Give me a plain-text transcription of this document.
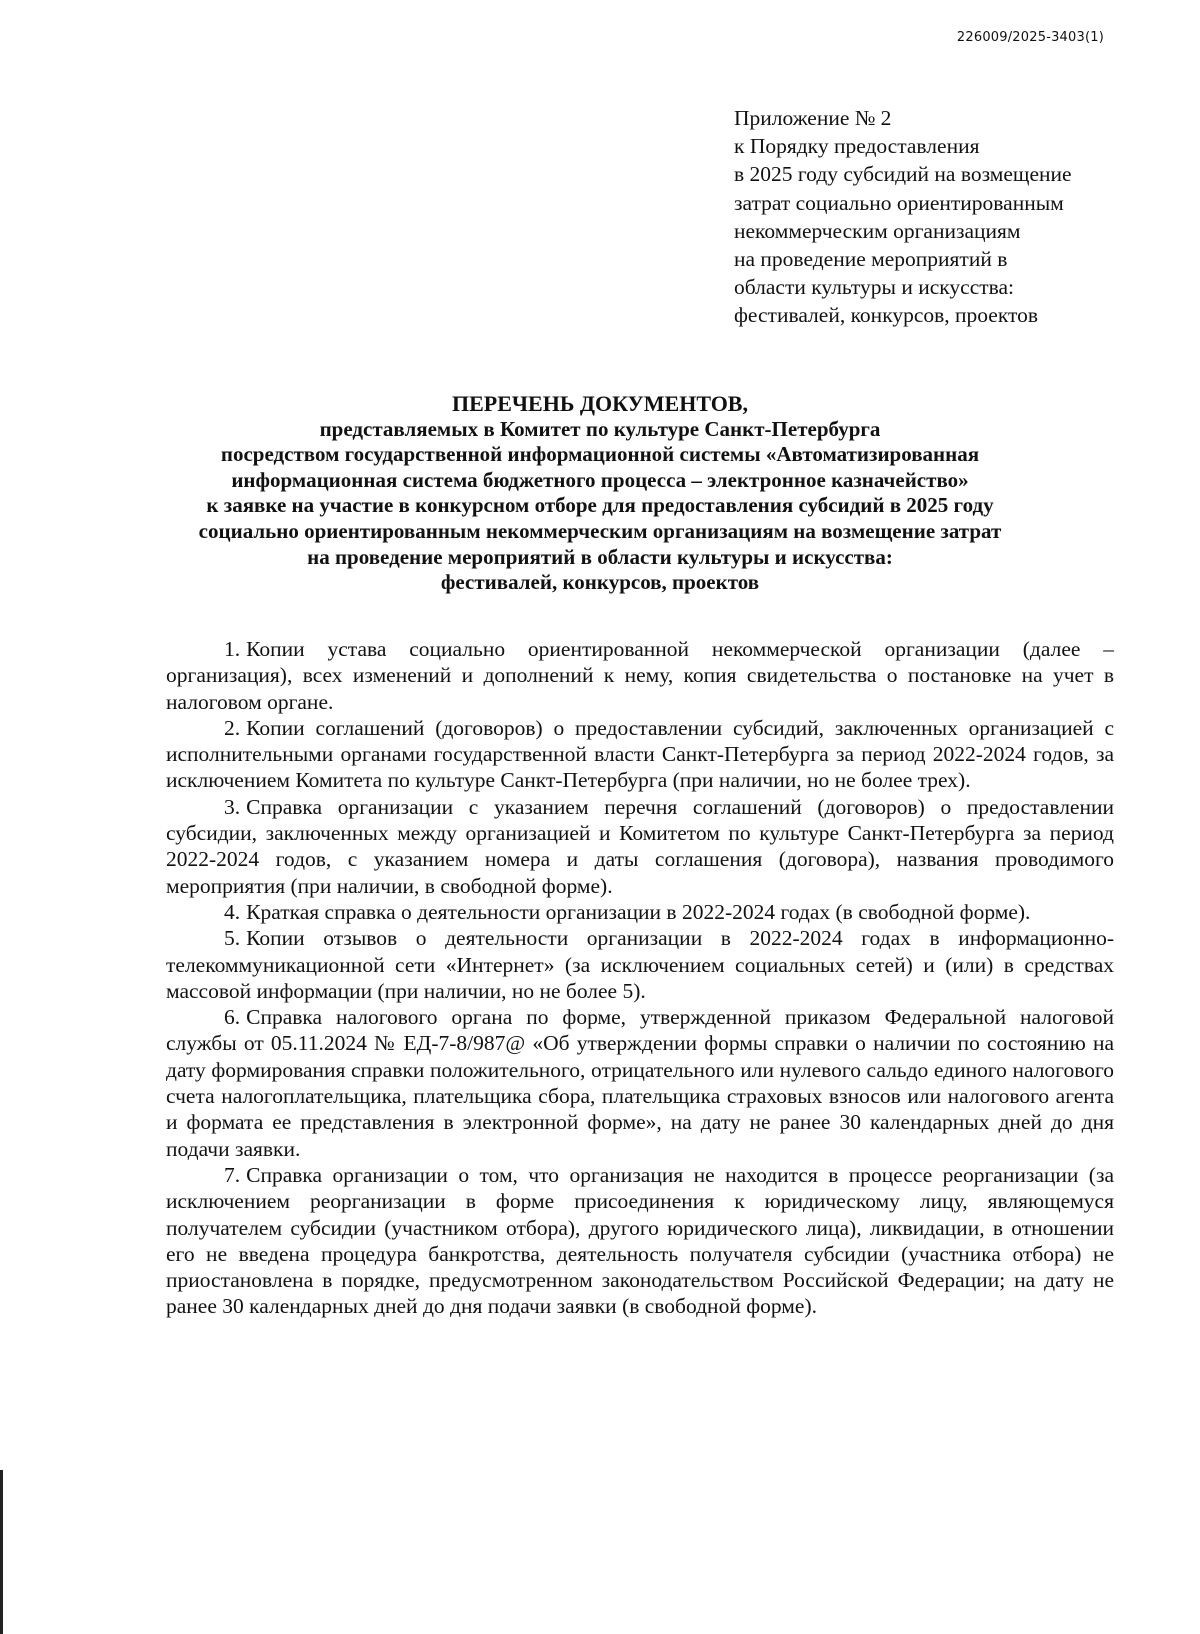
226009/2025-3403(1)
Приложение № 2
к Порядку предоставления
в 2025 году субсидий на возмещение
затрат социально ориентированным
некоммерческим организациям
на проведение мероприятий в
области культуры и искусства:
фестивалей, конкурсов, проектов
ПЕРЕЧЕНЬ ДОКУМЕНТОВ,
представляемых в Комитет по культуре Санкт-Петербурга
посредством государственной информационной системы «Автоматизированная
информационная система бюджетного процесса – электронное казначейство»
к заявке на участие в конкурсном отборе для предоставления субсидий в 2025 году
социально ориентированным некоммерческим организациям на возмещение затрат
на проведение мероприятий в области культуры и искусства:
фестивалей, конкурсов, проектов

1. Копии устава социально ориентированной некоммерческой организации (далее – организация), всех изменений и дополнений к нему, копия свидетельства о постановке на учет в налоговом органе.

2. Копии соглашений (договоров) о предоставлении субсидий, заключенных организацией с исполнительными органами государственной власти Санкт-Петербурга за период 2022-2024 годов, за исключением Комитета по культуре Санкт-Петербурга (при наличии, но не более трех).

3. Справка организации с указанием перечня соглашений (договоров) о предоставлении субсидии, заключенных между организацией и Комитетом по культуре Санкт-Петербурга за период 2022-2024 годов, с указанием номера и даты соглашения (договора), названия проводимого мероприятия (при наличии, в свободной форме).

4. Краткая справка о деятельности организации в 2022-2024 годах (в свободной форме).

5. Копии отзывов о деятельности организации в 2022-2024 годах в информационно-телекоммуникационной сети «Интернет» (за исключением социальных сетей) и (или) в средствах массовой информации (при наличии, но не более 5).

6. Справка налогового органа по форме, утвержденной приказом Федеральной налоговой службы от 05.11.2024 № ЕД-7-8/987@ «Об утверждении формы справки о наличии по состоянию на дату формирования справки положительного, отрицательного или нулевого сальдо единого налогового счета налогоплательщика, плательщика сбора, плательщика страховых взносов или налогового агента и формата ее представления в электронной форме», на дату не ранее 30 календарных дней до дня подачи заявки.

7. Справка организации о том, что организация не находится в процессе реорганизации (за исключением реорганизации в форме присоединения к юридическому лицу, являющемуся получателем субсидии (участником отбора), другого юридического лица), ликвидации, в отношении его не введена процедура банкротства, деятельность получателя субсидии (участника отбора) не приостановлена в порядке, предусмотренном законодательством Российской Федерации; на дату не ранее 30 календарных дней до дня подачи заявки (в свободной форме).
